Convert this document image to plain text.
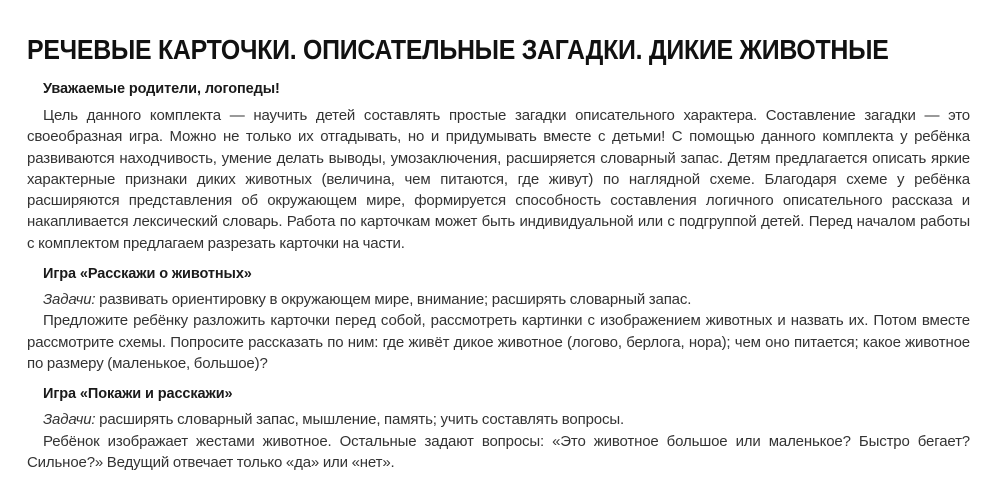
РЕЧЕВЫЕ КАРТОЧКИ. ОПИСАТЕЛЬНЫЕ ЗАГАДКИ. ДИКИЕ ЖИВОТНЫЕ
Уважаемые родители, логопеды!

Цель данного комплекта — научить детей составлять простые загадки описательного характера. Составление загадки — это своеобразная игра. Можно не только их отгадывать, но и придумывать вместе с детьми! С помощью данного комплекта у ребёнка развиваются находчивость, умение делать выводы, умозаключения, расширяется словарный запас. Детям предлагается описать яркие характерные признаки диких животных (величина, чем питаются, где живут) по наглядной схеме. Благодаря схеме у ребёнка расширяются представления об окружающем мире, формируется способность составления логичного описательного рассказа и накапливается лексический словарь. Работа по карточкам может быть индивидуальной или с подгруппой детей. Перед началом работы с комплектом предлагаем разрезать карточки на части.

Игра «Расскажи о животных»

Задачи: развивать ориентировку в окружающем мире, внимание; расширять словарный запас.

Предложите ребёнку разложить карточки перед собой, рассмотреть картинки с изображением животных и назвать их. Потом вместе рассмотрите схемы. Попросите рассказать по ним: где живёт дикое животное (логово, берлога, нора); чем оно питается; какое животное по размеру (маленькое, большое)?

Игра «Покажи и расскажи»

Задачи: расширять словарный запас, мышление, память; учить составлять вопросы.

Ребёнок изображает жестами животное. Остальные задают вопросы: «Это животное большое или маленькое? Быстро бегает? Сильное?» Ведущий отвечает только «да» или «нет».
